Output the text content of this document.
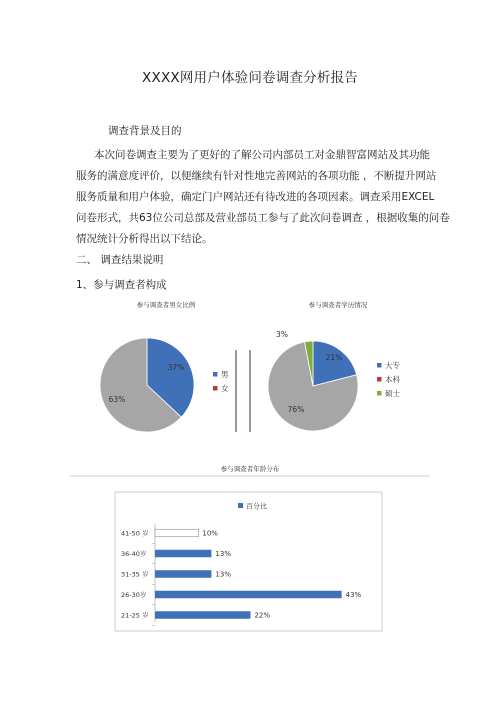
XXXX网用户体验问卷调查分析报告
调查背景及目的
本次问卷调查主要为了更好的了解公司内部员工对金鼎智富网站及其功能
服务的满意度评价，以便继续有针对性地完善网站的各项功能 ，不断提升网站
服务质量和用户体验，确定门户网站还有待改进的各项因素。调查采用EXCEL
问卷形式，共63位公司总部及营业部员工参与了此次问卷调查 ，根据收集的问卷
情况统计分析得出以下结论。
二、 调查结果说明
1、参与调查者构成
参与调查者男女比例
37%
63%
男
女
参与调查者学历情况
21%
76%
3%
大专
本科
硕士
参与调查者年龄分布
百分比
41-50 岁	10%
36-40岁	13%
31-35 岁	13%
26-30岁	43%
21-25 岁	22%
